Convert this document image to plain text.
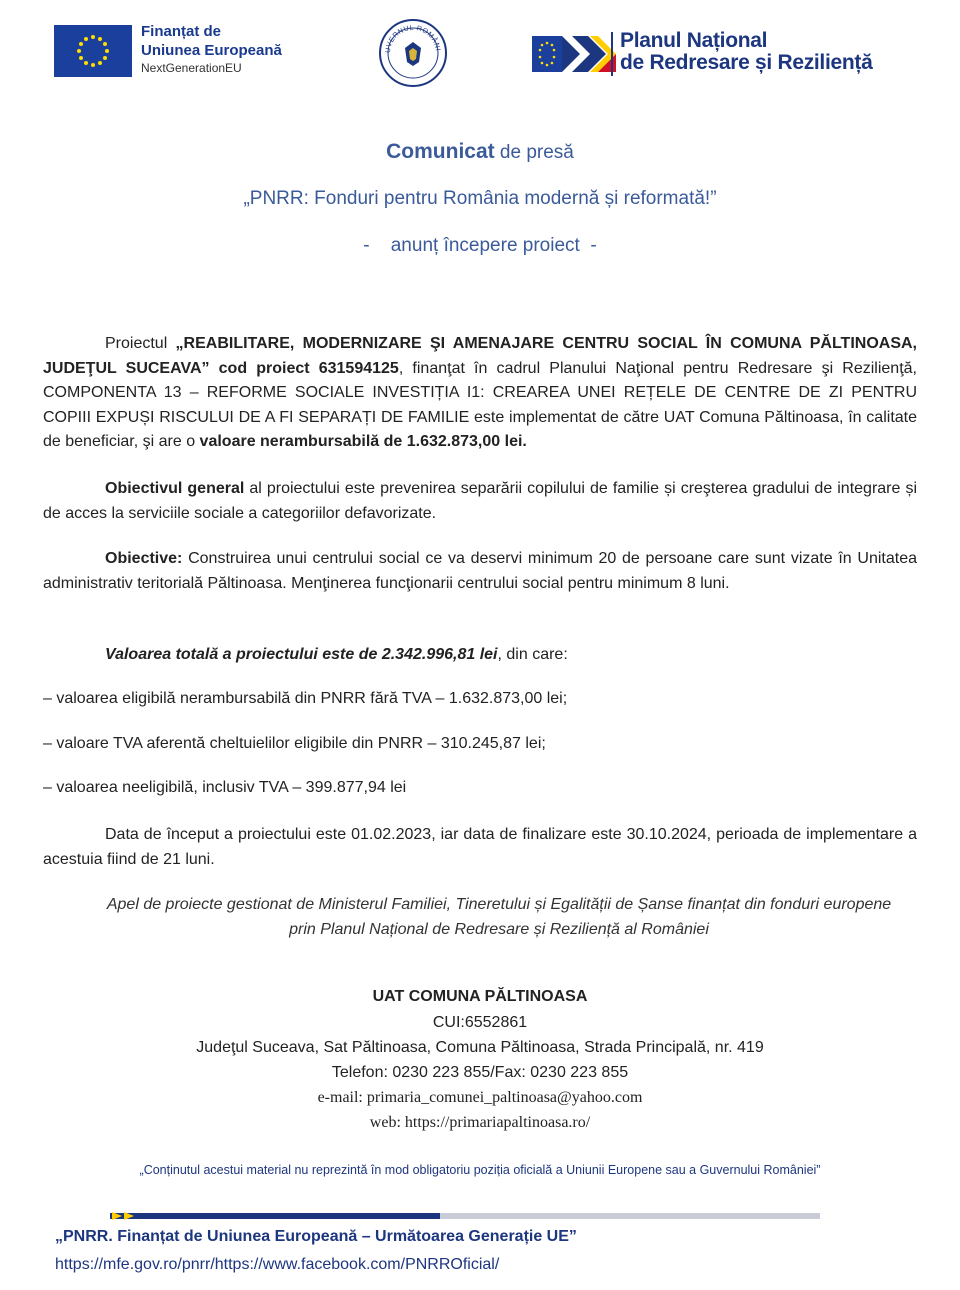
Finanțat de
Uniunea Europeană
NextGenerationEU
UVERNUL ROMÂNI	Planul Național
de Redresare și Reziliență
Comunicat de presă
„PNRR: Fonduri pentru România modernă și reformată!”
-    anunț începere proiect  -
Proiectul „REABILITARE, MODERNIZARE ŞI AMENAJARE CENTRU SOCIAL ÎN COMUNA PĂLTINOASA, JUDEŢUL SUCEAVA” cod proiect 631594125, finanţat în cadrul Planului Naţional pentru Redresare şi Rezilienţă, COMPONENTA 13 – REFORME SOCIALE INVESTIȚIA I1: CREAREA UNEI REȚELE DE CENTRE DE ZI PENTRU COPIII EXPUȘI RISCULUI DE A FI SEPARAȚI DE FAMILIE este implementat de către UAT Comuna Păltinoasa, în calitate de beneficiar, şi are o valoare nerambursabilă de 1.632.873,00 lei.
Obiectivul general al proiectului este prevenirea separării copilului de familie și creşterea gradului de integrare și de acces la serviciile sociale a categoriilor defavorizate.
Obiective: Construirea unui centrului social ce va deservi minimum 20 de persoane care sunt vizate în Unitatea administrativ teritorială Păltinoasa. Menţinerea funcţionarii centrului social pentru minimum 8 luni.
Valoarea totală a proiectului este de 2.342.996,81 lei, din care:
– valoarea eligibilă nerambursabilă din PNRR fără TVA – 1.632.873,00 lei;
– valoare TVA aferentă cheltuielilor eligibile din PNRR – 310.245,87 lei;
– valoarea neeligibilă, inclusiv TVA – 399.877,94 lei
Data de început a proiectului este 01.02.2023, iar data de finalizare este 30.10.2024, perioada de implementare a acestuia fiind de 21 luni.
Apel de proiecte gestionat de Ministerul Familiei, Tineretului și Egalității de Șanse finanțat din fonduri europene prin Planul Național de Redresare și Reziliență al României
UAT COMUNA PĂLTINOASA
CUI:6552861
Judeţul Suceava, Sat Păltinoasa, Comuna Păltinoasa, Strada Principală, nr. 419
Telefon: 0230 223 855/Fax: 0230 223 855
e-mail: primaria_comunei_paltinoasa@yahoo.com
web: https://primariapaltinoasa.ro/
„Conținutul acestui material nu reprezintă în mod obligatoriu poziția oficială a Uniunii Europene sau a Guvernului României”
„PNRR. Finanțat de Uniunea Europeană – Următoarea Generație UE”
https://mfe.gov.ro/pnrr/https://www.facebook.com/PNRROficial/
